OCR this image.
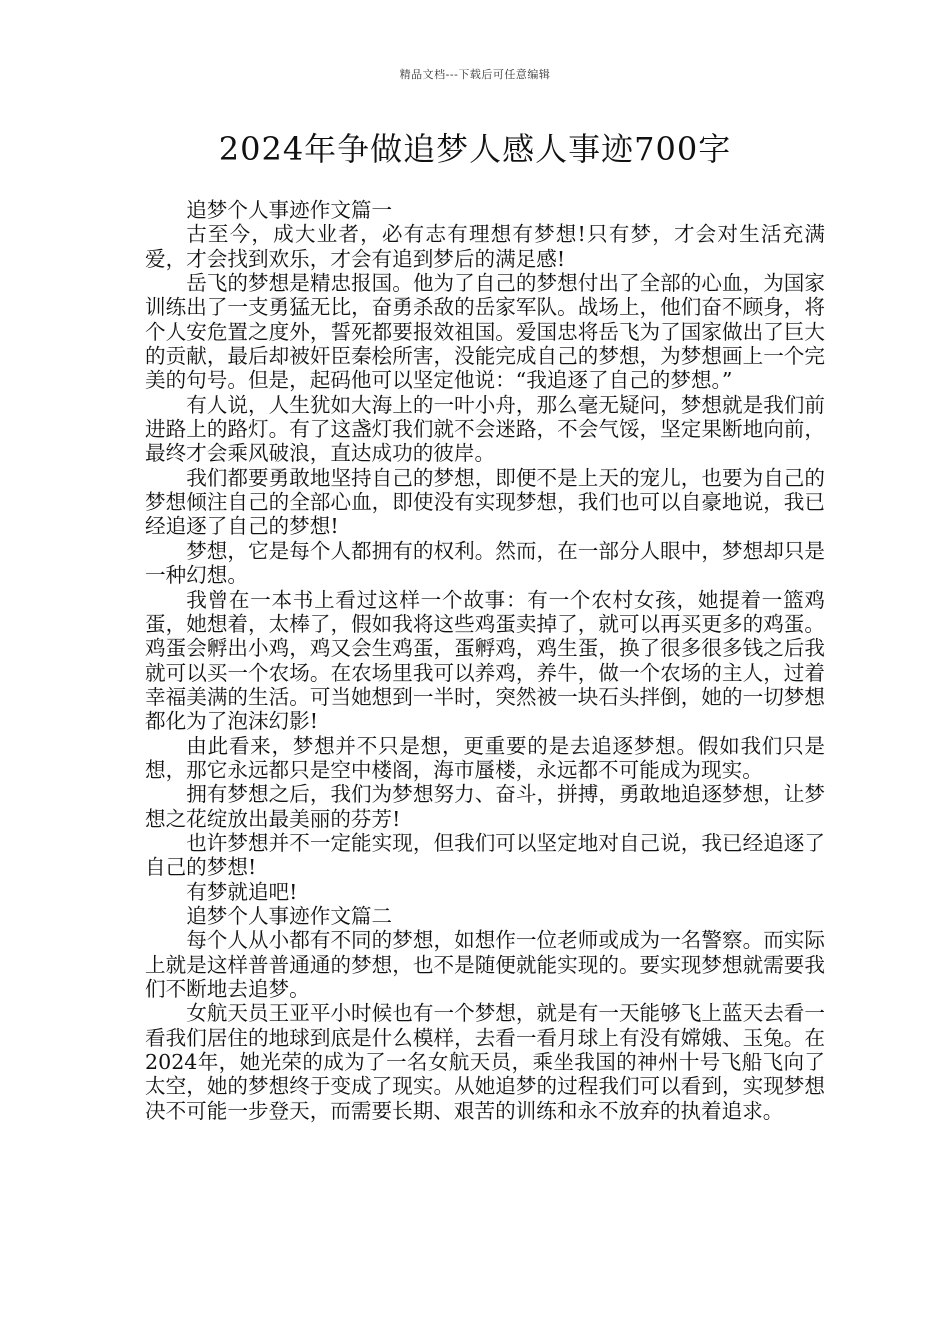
精品文档---下载后可任意编辑
2024年争做追梦人感人事迹700字

追梦个人事迹作文篇一

古至今，成大业者，必有志有理想有梦想!只有梦，才会对生活充满爱，才会找到欢乐，才会有追到梦后的满足感!

岳飞的梦想是精忠报国。他为了自己的梦想付出了全部的心血，为国家训练出了一支勇猛无比，奋勇杀敌的岳家军队。战场上，他们奋不顾身，将个人安危置之度外，誓死都要报效祖国。爱国忠将岳飞为了国家做出了巨大的贡献，最后却被奸臣秦桧所害，没能完成自己的梦想，为梦想画上一个完美的句号。但是，起码他可以坚定他说：“我追逐了自己的梦想。”

有人说，人生犹如大海上的一叶小舟，那么毫无疑问，梦想就是我们前进路上的路灯。有了这盏灯我们就不会迷路，不会气馁，坚定果断地向前，最终才会乘风破浪，直达成功的彼岸。

我们都要勇敢地坚持自己的梦想，即便不是上天的宠儿，也要为自己的梦想倾注自己的全部心血，即使没有实现梦想，我们也可以自豪地说，我已经追逐了自己的梦想!

梦想，它是每个人都拥有的权利。然而，在一部分人眼中，梦想却只是一种幻想。

我曾在一本书上看过这样一个故事：有一个农村女孩，她提着一篮鸡蛋，她想着，太棒了，假如我将这些鸡蛋卖掉了，就可以再买更多的鸡蛋。鸡蛋会孵出小鸡，鸡又会生鸡蛋，蛋孵鸡，鸡生蛋，换了很多很多钱之后我就可以买一个农场。在农场里我可以养鸡，养牛，做一个农场的主人，过着幸福美满的生活。可当她想到一半时，突然被一块石头拌倒，她的一切梦想都化为了泡沫幻影!

由此看来，梦想并不只是想，更重要的是去追逐梦想。假如我们只是想，那它永远都只是空中楼阁，海市蜃楼，永远都不可能成为现实。

拥有梦想之后，我们为梦想努力、奋斗，拼搏，勇敢地追逐梦想，让梦想之花绽放出最美丽的芬芳!

也许梦想并不一定能实现，但我们可以坚定地对自己说，我已经追逐了自己的梦想!

有梦就追吧!

追梦个人事迹作文篇二

每个人从小都有不同的梦想，如想作一位老师或成为一名警察。而实际上就是这样普普通通的梦想，也不是随便就能实现的。要实现梦想就需要我们不断地去追梦。

女航天员王亚平小时候也有一个梦想，就是有一天能够飞上蓝天去看一看我们居住的地球到底是什么模样，去看一看月球上有没有嫦娥、玉兔。在2024年，她光荣的成为了一名女航天员，乘坐我国的神州十号飞船飞向了太空，她的梦想终于变成了现实。从她追梦的过程我们可以看到，实现梦想决不可能一步登天，而需要长期、艰苦的训练和永不放弃的执着追求。
